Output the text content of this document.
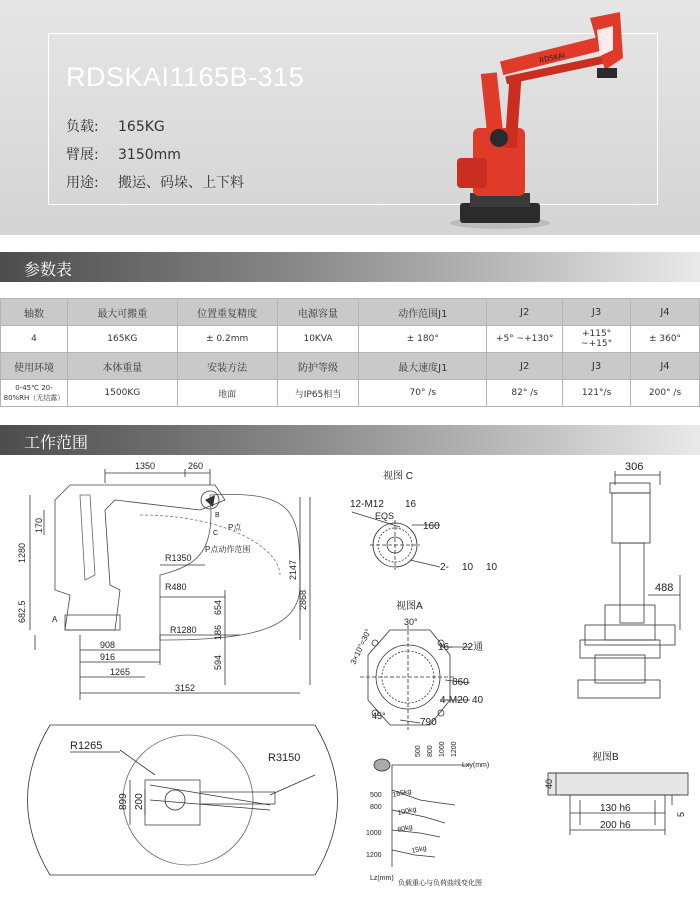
RDSKAI1165B-315
负载: 165KG
臂展: 3150mm
用途: 搬运、码垛、上下料
RDSKAI
参数表
轴数	最大可搬重	位置重复精度	电源容量	动作范围J1	J2	J3	J4
4	165KG	± 0.2mm	10KVA	± 180°	+5° ~+130°	+115° ~+15°	± 360°
使用环境	本体重量	安装方法	防护等级	最大速度J1	J2	J3	J4
0-45℃ 20-80%RH（无结露）	1500KG	地面	与IP65相当	70° /s	82° /s	121°/s	200° /s
工作范围
1350	260
170
1280
682.5
R1350
R480
654
186
R1280
594
2147
2868
908
916
1265
3152
B
C
P点
P点动作范围
A
视图 C
12-M12 16
EQS
160
2- 10 10
视图A
30°
3×10°=30°	16- 22通
860
4-M20 40
45°
790
306
488
R1265
R3150
899 200
500 800 1000 1200
Lxy(mm)
500
800
1000
1200
Lz(mm)
165kg
100kg
80kg
15kg
负载重心与负荷曲线变化图
视图B
40
5
130 h6
200 h6
